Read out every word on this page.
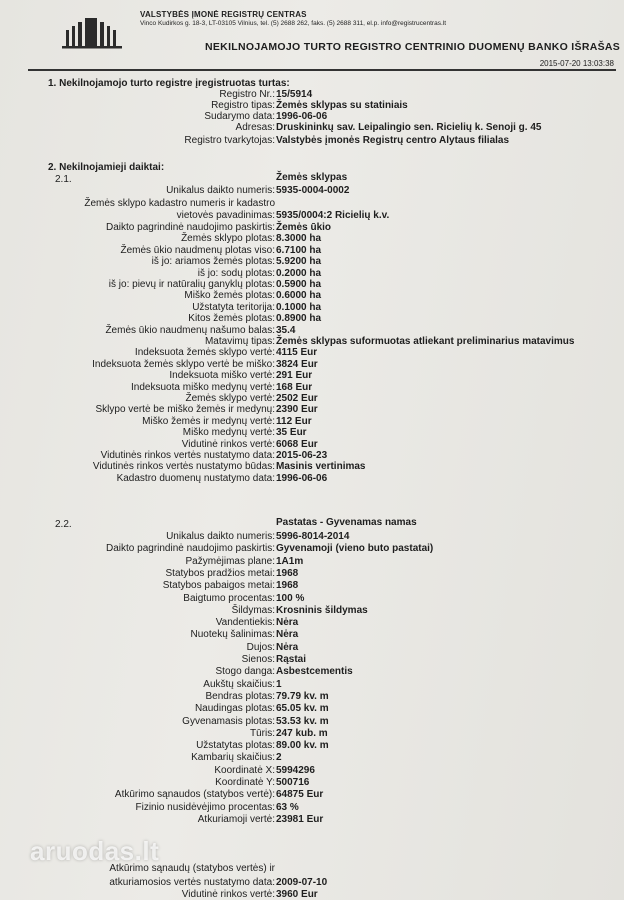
VALSTYBĖS ĮMONĖ REGISTRŲ CENTRAS
Vinco Kudirkos g. 18-3, LT-03105 Vilnius, tel. (5) 2688 262, faks. (5) 2688 311, el.p. info@registrucentras.lt
NEKILNOJAMOJO TURTO REGISTRO CENTRINIO DUOMENŲ BANKO IŠRAŠAS
2015-07-20 13:03:38
1. Nekilnojamojo turto registre įregistruotas turtas:
Registro Nr.: 15/5914
Registro tipas: Žemės sklypas su statiniais
Sudarymo data: 1996-06-06
Adresas: Druskininkų sav. Leipalingio sen. Ricielių k. Senoji g. 45
Registro tvarkytojas: Valstybės įmonės Registrų centro Alytaus filialas
2. Nekilnojamieji daiktai:
2.1.	Žemės sklypas
Žemės sklypo kadastro numeris ir kadastro
Unikalus daikto numeris: 5935-0004-0002
vietovės pavadinimas: 5935/0004:2 Ricielių k.v.
Daikto pagrindinė naudojimo paskirtis: Žemės ūkio
Žemės sklypo plotas: 8.3000 ha
Žemės ūkio naudmenų plotas viso: 6.7100 ha
iš jo: ariamos žemės plotas: 5.9200 ha
iš jo: sodų plotas: 0.2000 ha
iš jo: pievų ir natūralių ganyklų plotas: 0.5900 ha
Miško žemės plotas: 0.6000 ha
Užstatyta teritorija: 0.1000 ha
Kitos žemės plotas: 0.8900 ha
Žemės ūkio naudmenų našumo balas: 35.4
Matavimų tipas: Žemės sklypas suformuotas atliekant preliminarius matavimus
Indeksuota žemės sklypo vertė: 4115 Eur
Indeksuota žemės sklypo vertė be miško: 3824 Eur
Indeksuota miško vertė: 291 Eur
Indeksuota miško medynų vertė: 168 Eur
Žemės sklypo vertė: 2502 Eur
Sklypo vertė be miško žemės ir medynų: 2390 Eur
Miško žemės ir medynų vertė: 112 Eur
Miško medynų vertė: 35 Eur
Vidutinė rinkos vertė: 6068 Eur
Vidutinės rinkos vertės nustatymo data: 2015-06-23
Vidutinės rinkos vertės nustatymo būdas: Masinis vertinimas
Kadastro duomenų nustatymo data: 1996-06-06
2.2.	Pastatas - Gyvenamas namas
Atkūrimo sąnaudų (statybos vertės) ir
Unikalus daikto numeris: 5996-8014-2014
Daikto pagrindinė naudojimo paskirtis: Gyvenamoji (vieno buto pastatai)
Pažymėjimas plane: 1A1m
Statybos pradžios metai: 1968
Statybos pabaigos metai: 1968
Baigtumo procentas: 100 %
Šildymas: Krosninis šildymas
Vandentiekis: Nėra
Nuotekų šalinimas: Nėra
Dujos: Nėra
Sienos: Rąstai
Stogo danga: Asbestcementis
Aukštų skaičius: 1
Bendras plotas: 79.79 kv. m
Naudingas plotas: 65.05 kv. m
Gyvenamasis plotas: 53.53 kv. m
Tūris: 247 kub. m
Užstatytas plotas: 89.00 kv. m
Kambarių skaičius: 2
Koordinatė X: 5994296
Koordinatė Y: 500716
Atkūrimo sąnaudos (statybos vertė): 64875 Eur
Fizinio nusidėvėjimo procentas: 63 %
Atkuriamoji vertė: 23981 Eur
atkuriamosios vertės nustatymo data: 2009-07-10
Vidutinė rinkos vertė: 3960 Eur
aruodas.lt
